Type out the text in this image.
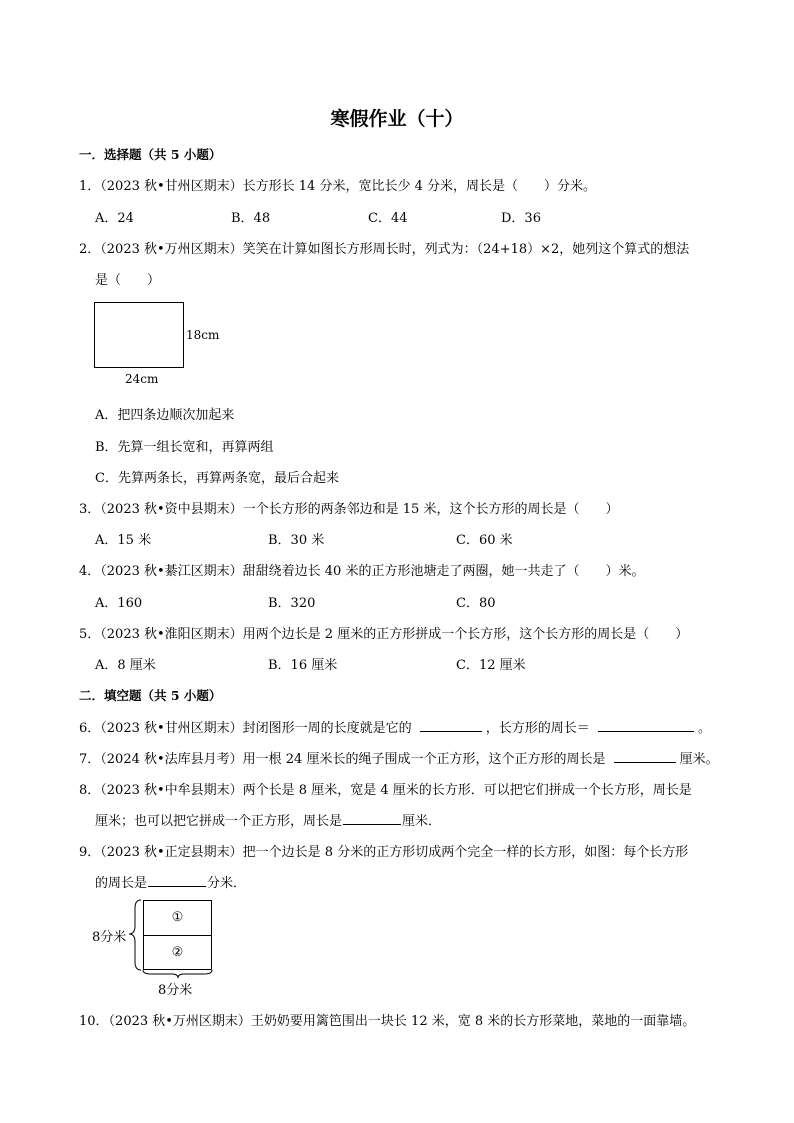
寒假作业（十）
一．选择题（共 5 小题）
1．（2023 秋•甘州区期末）长方形长 14 分米，宽比长少 4 分米，周长是（　　）分米。
A．24	B．48	C．44	D．36
2．（2023 秋•万州区期末）笑笑在计算如图长方形周长时，列式为：（24+18）×2，她列这个算式的想法
是（　　）
18cm
24cm
A．把四条边顺次加起来
B．先算一组长宽和，再算两组
C．先算两条长，再算两条宽，最后合起来
3．（2023 秋•资中县期末）一个长方形的两条邻边和是 15 米，这个长方形的周长是（　　）
A．15 米	B．30 米	C．60 米
4．（2023 秋•綦江区期末）甜甜绕着边长 40 米的正方形池塘走了两圈，她一共走了（　　）米。
A．160	B．320	C．80
5．（2023 秋•淮阳区期末）用两个边长是 2 厘米的正方形拼成一个长方形，这个长方形的周长是（　　）
A．8 厘米	B．16 厘米	C．12 厘米
二．填空题（共 5 小题）
6．（2023 秋•甘州区期末）封闭图形一周的长度就是它的	，长方形的周长＝	。
7．（2024 秋•法库县月考）用一根 24 厘米长的绳子围成一个正方形，这个正方形的周长是	厘米。
8．（2023 秋•中牟县期末）两个长是 8 厘米，宽是 4 厘米的长方形．可以把它们拼成一个长方形，周长是
厘米；也可以把它拼成一个正方形，周长是	厘米．
9．（2023 秋•正定县期末）把一个边长是 8 分米的正方形切成两个完全一样的长方形，如图：每个长方形
的周长是	分米．
①
②
8分米
8分米
10．（2023 秋•万州区期末）王奶奶要用篱笆围出一块长 12 米，宽 8 米的长方形菜地，菜地的一面靠墙。
